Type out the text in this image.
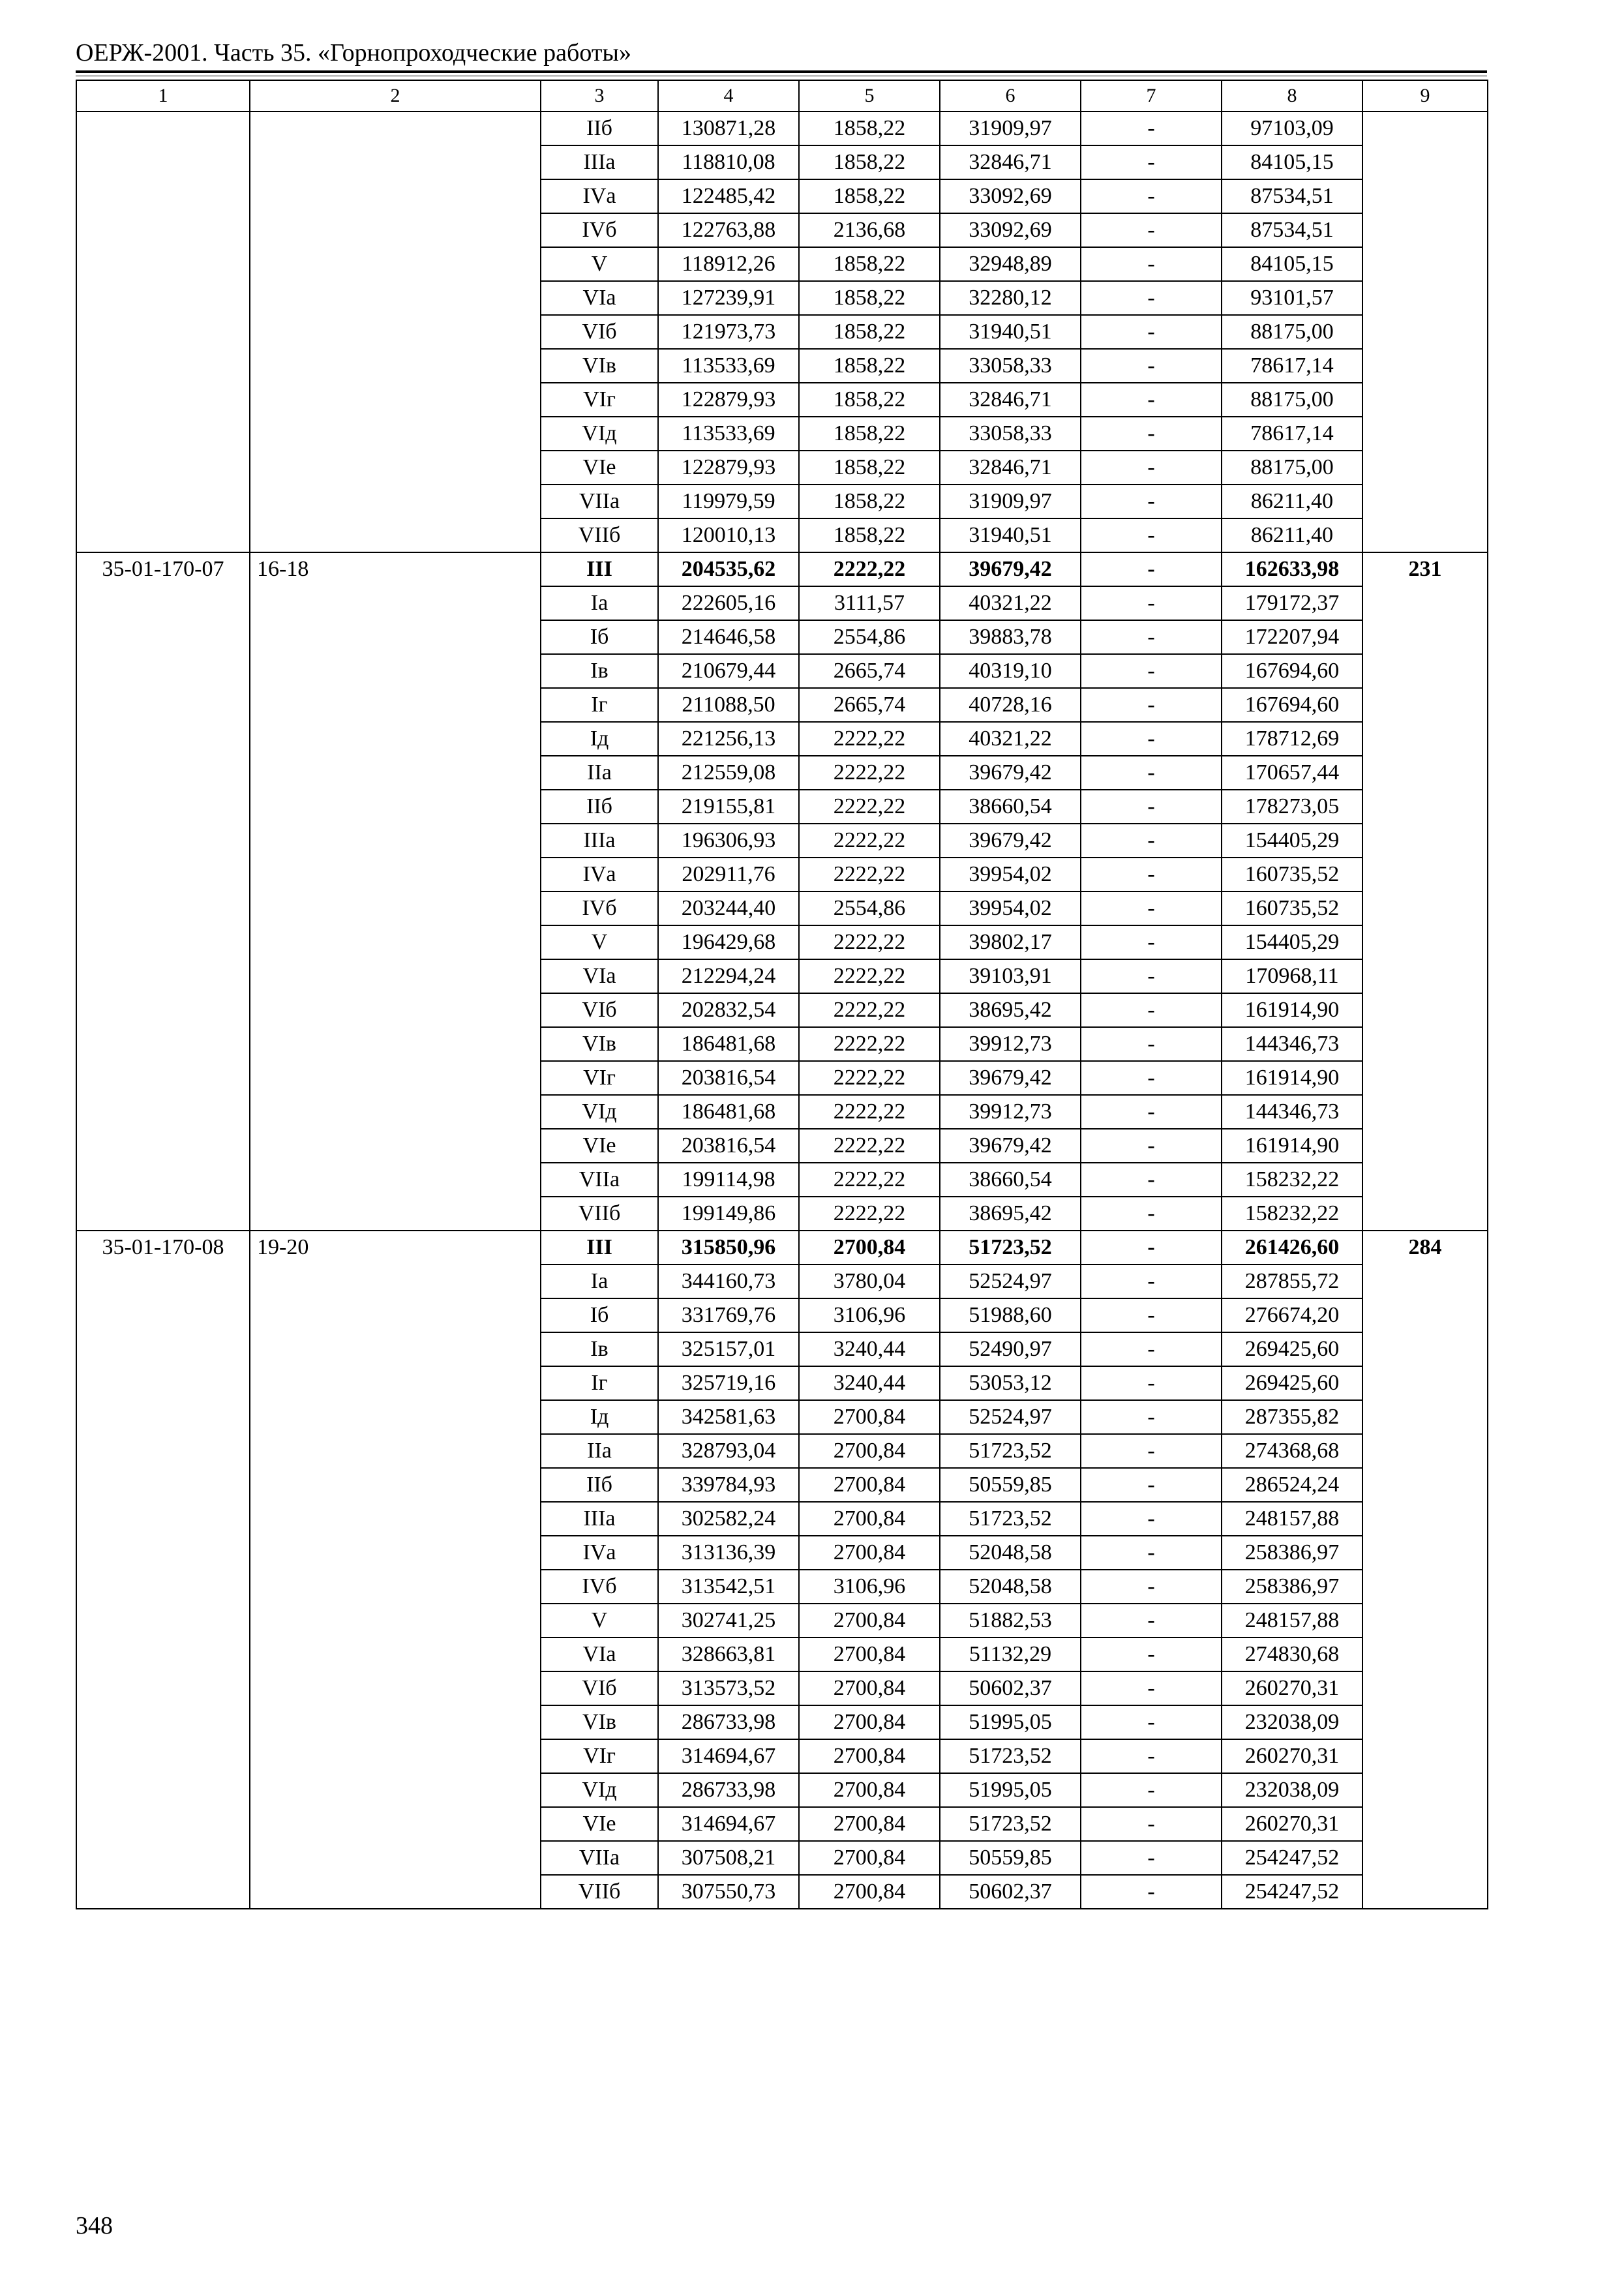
ОЕРЖ-2001. Часть 35. «Горнопроходческие работы»
1	2	3	4	5	6	7	8	9
		IIб	130871,28	1858,22	31909,97	-	97103,09	
		IIIа	118810,08	1858,22	32846,71	-	84105,15	
		IVа	122485,42	1858,22	33092,69	-	87534,51	
		IVб	122763,88	2136,68	33092,69	-	87534,51	
		V	118912,26	1858,22	32948,89	-	84105,15	
		VIа	127239,91	1858,22	32280,12	-	93101,57	
		VIб	121973,73	1858,22	31940,51	-	88175,00	
		VIв	113533,69	1858,22	33058,33	-	78617,14	
		VIг	122879,93	1858,22	32846,71	-	88175,00	
		VIд	113533,69	1858,22	33058,33	-	78617,14	
		VIе	122879,93	1858,22	32846,71	-	88175,00	
		VIIа	119979,59	1858,22	31909,97	-	86211,40	
		VIIб	120010,13	1858,22	31940,51	-	86211,40	
35-01-170-07	16-18	III	204535,62	2222,22	39679,42	-	162633,98	231
		Iа	222605,16	3111,57	40321,22	-	179172,37	
		Iб	214646,58	2554,86	39883,78	-	172207,94	
		Iв	210679,44	2665,74	40319,10	-	167694,60	
		Iг	211088,50	2665,74	40728,16	-	167694,60	
		Iд	221256,13	2222,22	40321,22	-	178712,69	
		IIа	212559,08	2222,22	39679,42	-	170657,44	
		IIб	219155,81	2222,22	38660,54	-	178273,05	
		IIIа	196306,93	2222,22	39679,42	-	154405,29	
		IVа	202911,76	2222,22	39954,02	-	160735,52	
		IVб	203244,40	2554,86	39954,02	-	160735,52	
		V	196429,68	2222,22	39802,17	-	154405,29	
		VIа	212294,24	2222,22	39103,91	-	170968,11	
		VIб	202832,54	2222,22	38695,42	-	161914,90	
		VIв	186481,68	2222,22	39912,73	-	144346,73	
		VIг	203816,54	2222,22	39679,42	-	161914,90	
		VIд	186481,68	2222,22	39912,73	-	144346,73	
		VIе	203816,54	2222,22	39679,42	-	161914,90	
		VIIа	199114,98	2222,22	38660,54	-	158232,22	
		VIIб	199149,86	2222,22	38695,42	-	158232,22	
35-01-170-08	19-20	III	315850,96	2700,84	51723,52	-	261426,60	284
		Iа	344160,73	3780,04	52524,97	-	287855,72	
		Iб	331769,76	3106,96	51988,60	-	276674,20	
		Iв	325157,01	3240,44	52490,97	-	269425,60	
		Iг	325719,16	3240,44	53053,12	-	269425,60	
		Iд	342581,63	2700,84	52524,97	-	287355,82	
		IIа	328793,04	2700,84	51723,52	-	274368,68	
		IIб	339784,93	2700,84	50559,85	-	286524,24	
		IIIа	302582,24	2700,84	51723,52	-	248157,88	
		IVа	313136,39	2700,84	52048,58	-	258386,97	
		IVб	313542,51	3106,96	52048,58	-	258386,97	
		V	302741,25	2700,84	51882,53	-	248157,88	
		VIа	328663,81	2700,84	51132,29	-	274830,68	
		VIб	313573,52	2700,84	50602,37	-	260270,31	
		VIв	286733,98	2700,84	51995,05	-	232038,09	
		VIг	314694,67	2700,84	51723,52	-	260270,31	
		VIд	286733,98	2700,84	51995,05	-	232038,09	
		VIе	314694,67	2700,84	51723,52	-	260270,31	
		VIIа	307508,21	2700,84	50559,85	-	254247,52	
		VIIб	307550,73	2700,84	50602,37	-	254247,52	
348
